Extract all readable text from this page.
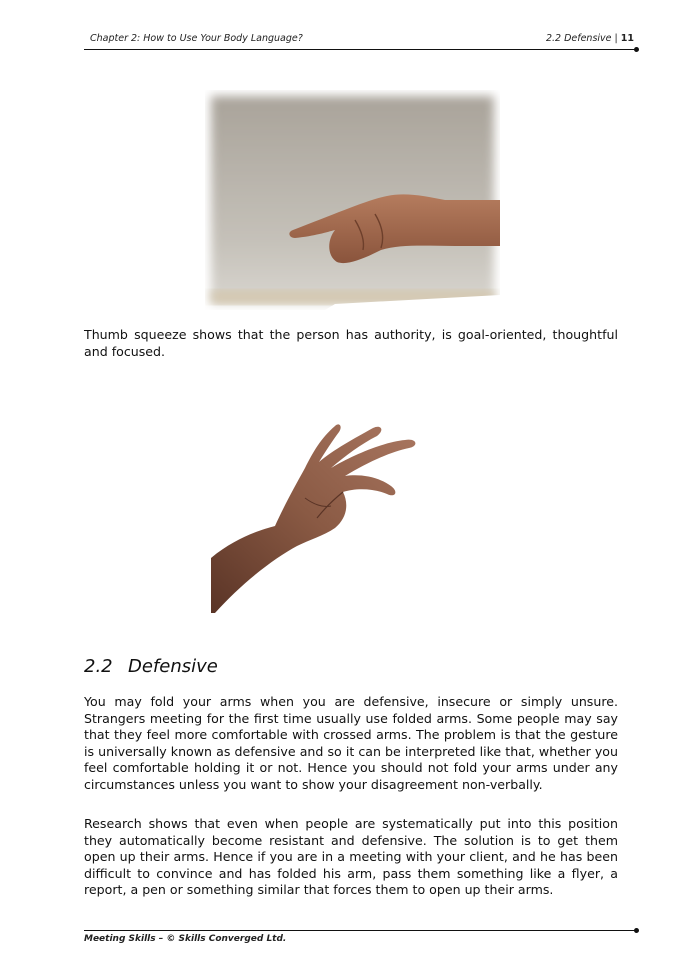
Chapter 2: How to Use Your Body Language?	2.2 Defensive | 11

Thumb squeeze shows that the person has authority, is goal-oriented, thoughtful and focused.

2.2 Defensive

You may fold your arms when you are defensive, insecure or simply unsure. Strangers meeting for the first time usually use folded arms. Some people may say that they feel more comfortable with crossed arms. The problem is that the gesture is universally known as defensive and so it can be interpreted like that, whether you feel comfortable holding it or not. Hence you should not fold your arms under any circumstances unless you want to show your disagreement non-verbally.

Research shows that even when people are systematically put into this position they automatically become resistant and defensive. The solution is to get them open up their arms. Hence if you are in a meeting with your client, and he has been difficult to convince and has folded his arm, pass them something like a flyer, a report, a pen or something similar that forces them to open up their arms.

Meeting Skills – © Skills Converged Ltd.
